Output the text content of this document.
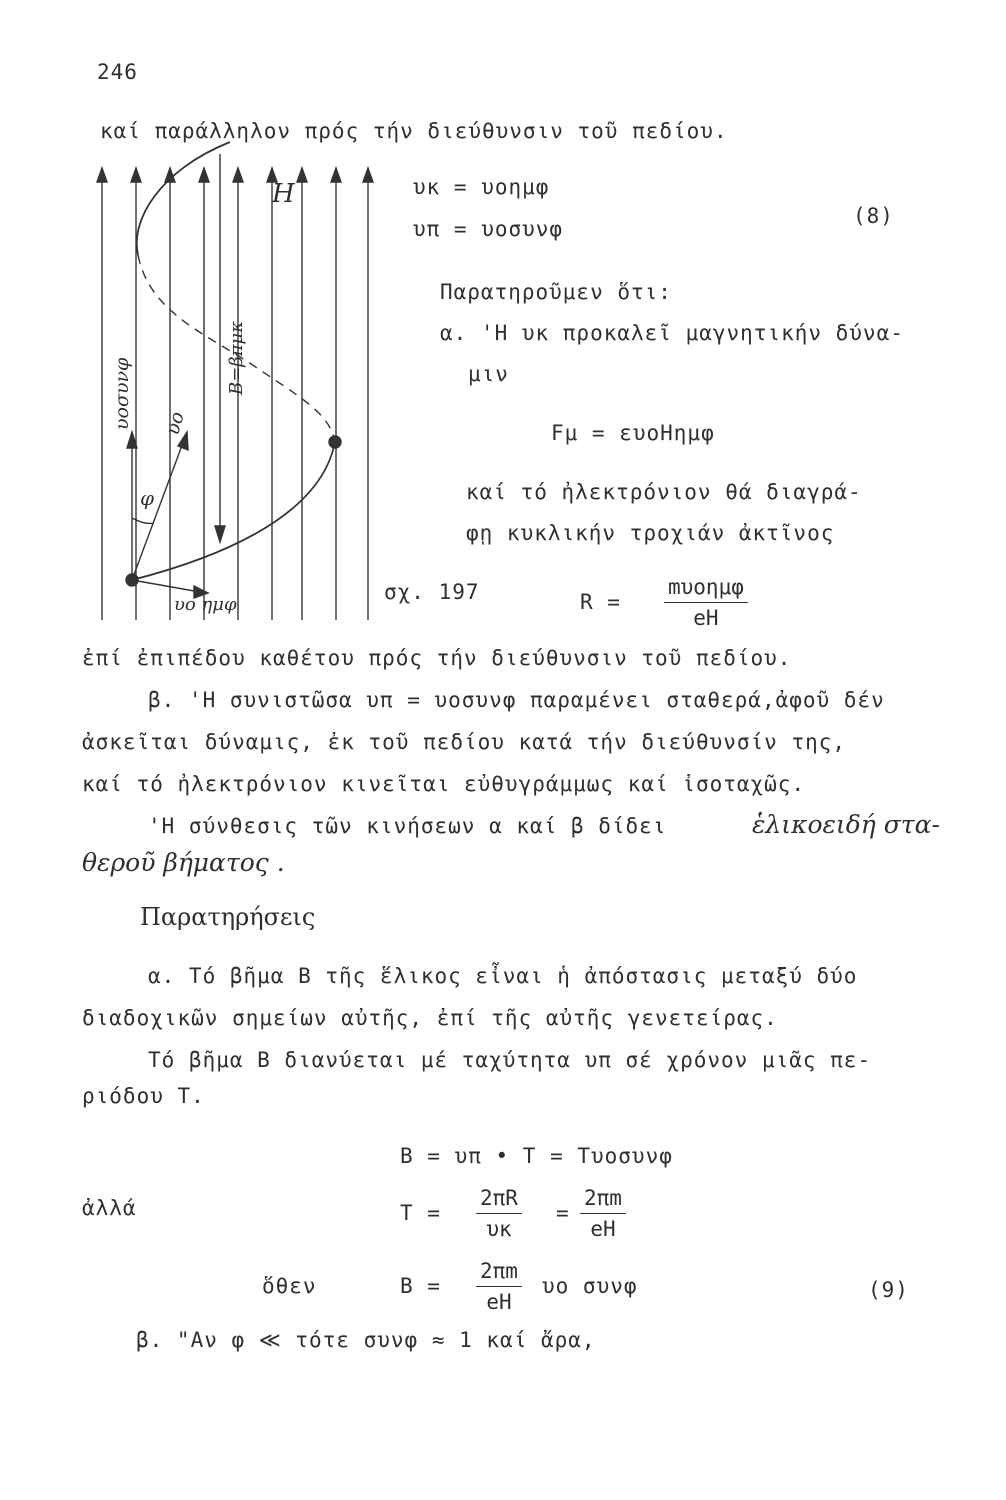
246
καί παράλληλον πρός τήν διεύθυνσιν τοῦ πεδίου.
H
υοσυνφ υο
φ
υο ημφ
B=βπμκ
υκ = υοημφ
υπ = υοσυνφ
(8)
Παρατηροῦμεν ὅτι:
α. 'Η υκ προκαλεῖ μαγνητικήν δύνα-
μιν
Fμ = ευοΗημφ
καί τό ἠλεκτρόνιον θά διαγρά-
φῃ κυκλικήν τροχιάν ἀκτῖνος
σχ. 197	R =
mυοημφ
eH
ἐπί ἐπιπέδου καθέτου πρός τήν διεύθυνσιν τοῦ πεδίου.
β. 'Η συνιστῶσα υπ = υοσυνφ παραμένει σταθερά,ἀφοῦ δέν
ἀσκεῖται δύναμις, ἐκ τοῦ πεδίου κατά τήν διεύθυνσίν της,
καί τό ἠλεκτρόνιον κινεῖται εὐθυγράμμως καί ἰσοταχῶς.
'Η σύνθεσις τῶν κινήσεων α καί β δίδει	ἑλικοειδή στα-
θεροῦ βήματος .
Παρατηρήσεις
α. Τό βῆμα Β τῆς ἕλικος εἶναι ἡ ἀπόστασις μεταξύ δύο
διαδοχικῶν σημείων αὐτῆς, ἐπί τῆς αὐτῆς γενετείρας.
Τό βῆμα Β διανύεται μέ ταχύτητα υπ σέ χρόνον μιᾶς πε-
ριόδου Τ.
B = υπ • T = Tυοσυνφ
ἀλλά	$T = \frac{2\pi R}{\upsilon\kappa} = \frac{2\pi m}{eH}$
ὅθεν	$B = \frac{2\pi m}{eH}$ υο συνφ	(9)
β. "Αν φ ≪ τότε συνφ ≈ 1 καί ἄρα,
